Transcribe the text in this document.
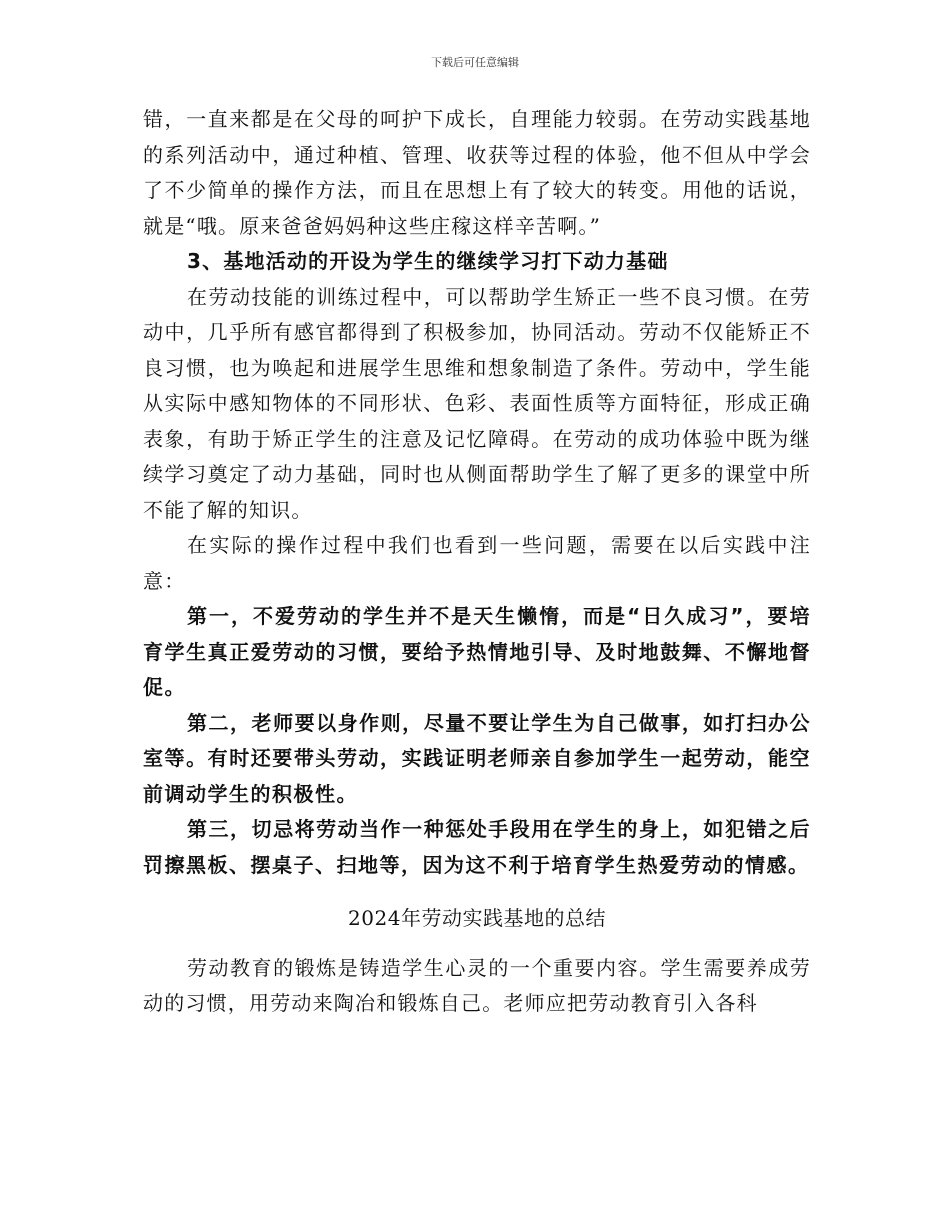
下载后可任意编辑

错，一直来都是在父母的呵护下成长，自理能力较弱。在劳动实践基地的系列活动中，通过种植、管理、收获等过程的体验，他不但从中学会了不少简单的操作方法，而且在思想上有了较大的转变。用他的话说，就是“哦。原来爸爸妈妈种这些庄稼这样辛苦啊。”

3、基地活动的开设为学生的继续学习打下动力基础

在劳动技能的训练过程中，可以帮助学生矫正一些不良习惯。在劳动中，几乎所有感官都得到了积极参加，协同活动。劳动不仅能矫正不良习惯，也为唤起和进展学生思维和想象制造了条件。劳动中，学生能从实际中感知物体的不同形状、色彩、表面性质等方面特征，形成正确表象，有助于矫正学生的注意及记忆障碍。在劳动的成功体验中既为继续学习奠定了动力基础，同时也从侧面帮助学生了解了更多的课堂中所不能了解的知识。

在实际的操作过程中我们也看到一些问题，需要在以后实践中注意：

第一，不爱劳动的学生并不是天生懒惰，而是“日久成习”，要培育学生真正爱劳动的习惯，要给予热情地引导、及时地鼓舞、不懈地督促。

第二，老师要以身作则，尽量不要让学生为自己做事，如打扫办公室等。有时还要带头劳动，实践证明老师亲自参加学生一起劳动，能空前调动学生的积极性。

第三，切忌将劳动当作一种惩处手段用在学生的身上，如犯错之后罚擦黑板、摆桌子、扫地等，因为这不利于培育学生热爱劳动的情感。

2024年劳动实践基地的总结

劳动教育的锻炼是铸造学生心灵的一个重要内容。学生需要养成劳动的习惯，用劳动来陶冶和锻炼自己。老师应把劳动教育引入各科
